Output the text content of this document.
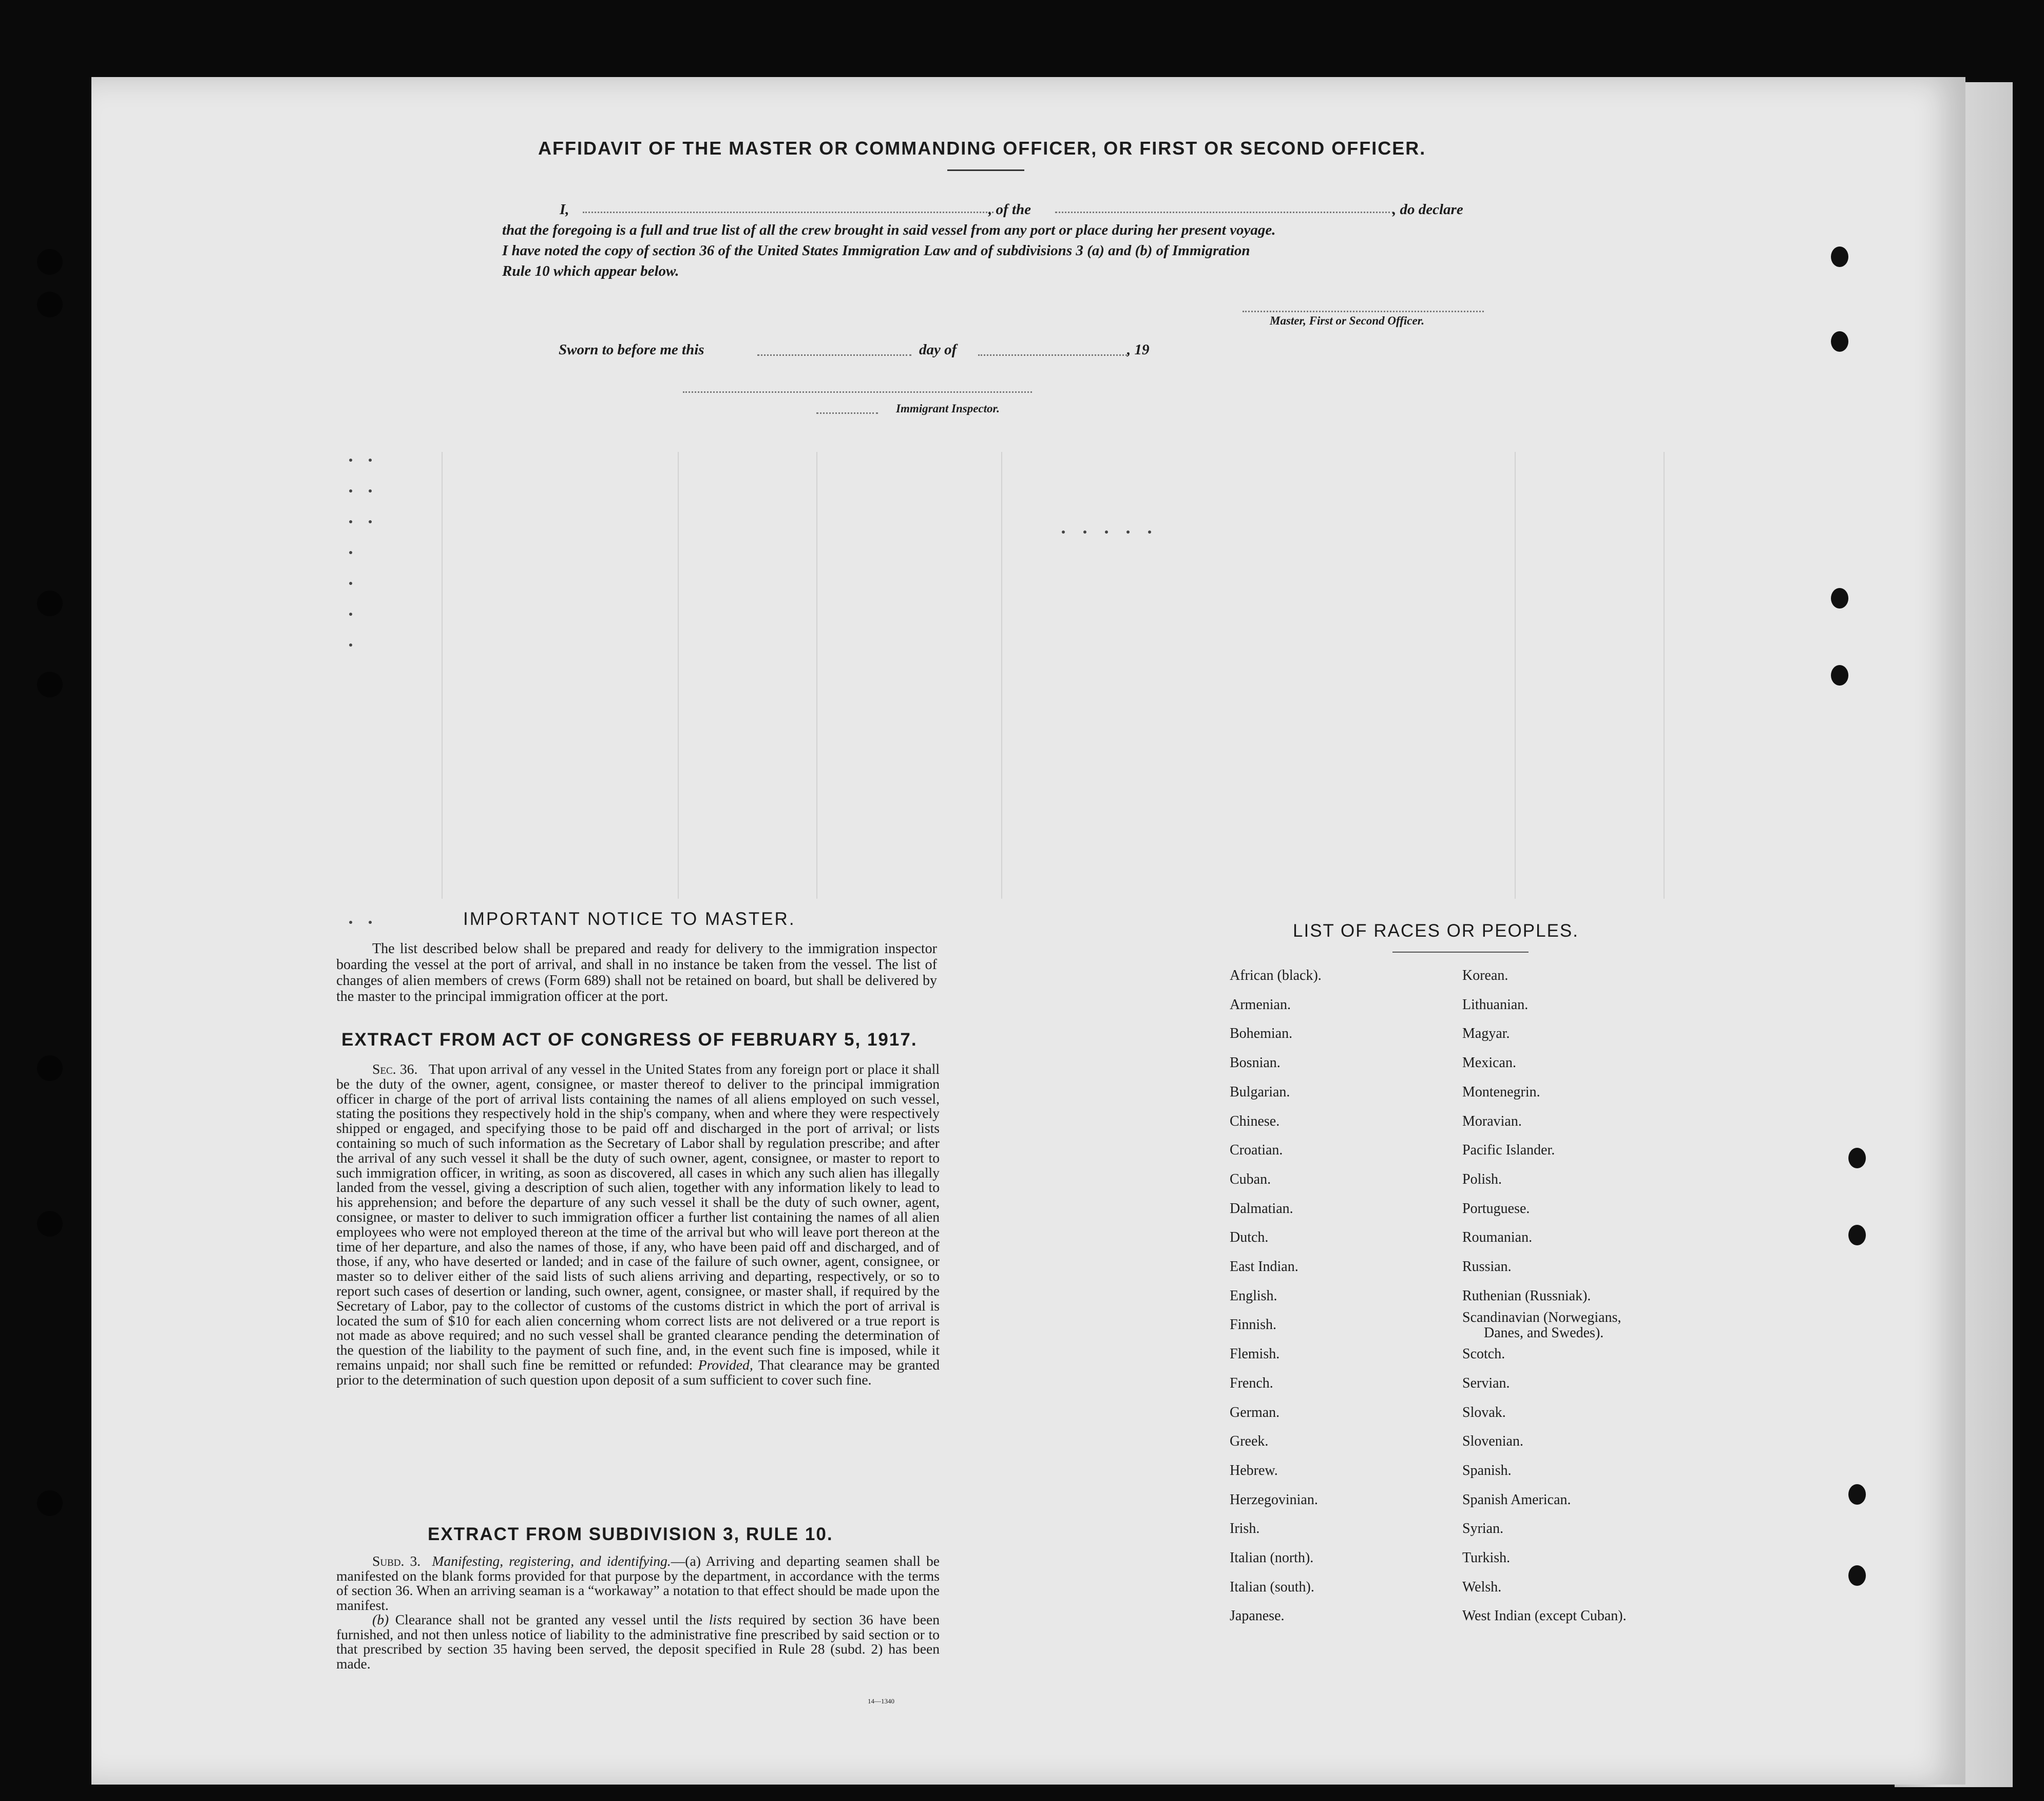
AFFIDAVIT OF THE MASTER OR COMMANDING OFFICER, OR FIRST OR SECOND OFFICER.
I,	, of the	, do declare
that the foregoing is a full and true list of all the crew brought in said vessel from any port or place during her present voyage.
I have noted the copy of section 36 of the United States Immigration Law and of subdivisions 3 (a) and (b) of Immigration
Rule 10 which appear below.
Master, First or Second Officer.
Sworn to before me this	day of	, 19
Immigrant Inspector.
IMPORTANT NOTICE TO MASTER.
The list described below shall be prepared and ready for delivery to the immigration inspector boarding the vessel at the port of arrival, and shall in no instance be taken from the vessel. The list of changes of alien members of crews (Form 689) shall not be retained on board, but shall be delivered by the master to the principal immigration officer at the port.
EXTRACT FROM ACT OF CONGRESS OF FEBRUARY 5, 1917.
Sec. 36. That upon arrival of any vessel in the United States from any foreign port or place it shall be the duty of the owner, agent, consignee, or master thereof to deliver to the principal immigration officer in charge of the port of arrival lists containing the names of all aliens employed on such vessel, stating the positions they respectively hold in the ship's company, when and where they were respectively shipped or engaged, and specifying those to be paid off and discharged in the port of arrival; or lists containing so much of such information as the Secretary of Labor shall by regulation prescribe; and after the arrival of any such vessel it shall be the duty of such owner, agent, consignee, or master to report to such immigration officer, in writing, as soon as discovered, all cases in which any such alien has illegally landed from the vessel, giving a description of such alien, together with any information likely to lead to his apprehension; and before the departure of any such vessel it shall be the duty of such owner, agent, consignee, or master to deliver to such immigration officer a further list containing the names of all alien employees who were not employed thereon at the time of the arrival but who will leave port thereon at the time of her departure, and also the names of those, if any, who have been paid off and discharged, and of those, if any, who have deserted or landed; and in case of the failure of such owner, agent, consignee, or master so to deliver either of the said lists of such aliens arriving and departing, respectively, or so to report such cases of desertion or landing, such owner, agent, consignee, or master shall, if required by the Secretary of Labor, pay to the collector of customs of the customs district in which the port of arrival is located the sum of $10 for each alien concerning whom correct lists are not delivered or a true report is not made as above required; and no such vessel shall be granted clearance pending the determination of the question of the liability to the payment of such fine, and, in the event such fine is imposed, while it remains unpaid; nor shall such fine be remitted or refunded: Provided, That clearance may be granted prior to the determination of such question upon deposit of a sum sufficient to cover such fine.
EXTRACT FROM SUBDIVISION 3, RULE 10.
Subd. 3. Manifesting, registering, and identifying.—(a) Arriving and departing seamen shall be manifested on the blank forms provided for that purpose by the department, in accordance with the terms of section 36. When an arriving seaman is a “workaway” a notation to that effect should be made upon the manifest.
(b) Clearance shall not be granted any vessel until the lists required by section 36 have been furnished, and not then unless notice of liability to the administrative fine prescribed by said section or to that prescribed by section 35 having been served, the deposit specified in Rule 28 (subd. 2) has been made.
14—1340
LIST OF RACES OR PEOPLES.
African (black).
Armenian.
Bohemian.
Bosnian.
Bulgarian.
Chinese.
Croatian.
Cuban.
Dalmatian.
Dutch.
East Indian.
English.
Finnish.
Flemish.
French.
German.
Greek.
Hebrew.
Herzegovinian.
Irish.
Italian (north).
Italian (south).
Japanese.
Korean.
Lithuanian.
Magyar.
Mexican.
Montenegrin.
Moravian.
Pacific Islander.
Polish.
Portuguese.
Roumanian.
Russian.
Ruthenian (Russniak).
Scandinavian (Norwegians,
Danes, and Swedes).
Scotch.
Servian.
Slovak.
Slovenian.
Spanish.
Spanish American.
Syrian.
Turkish.
Welsh.
West Indian (except Cuban).
